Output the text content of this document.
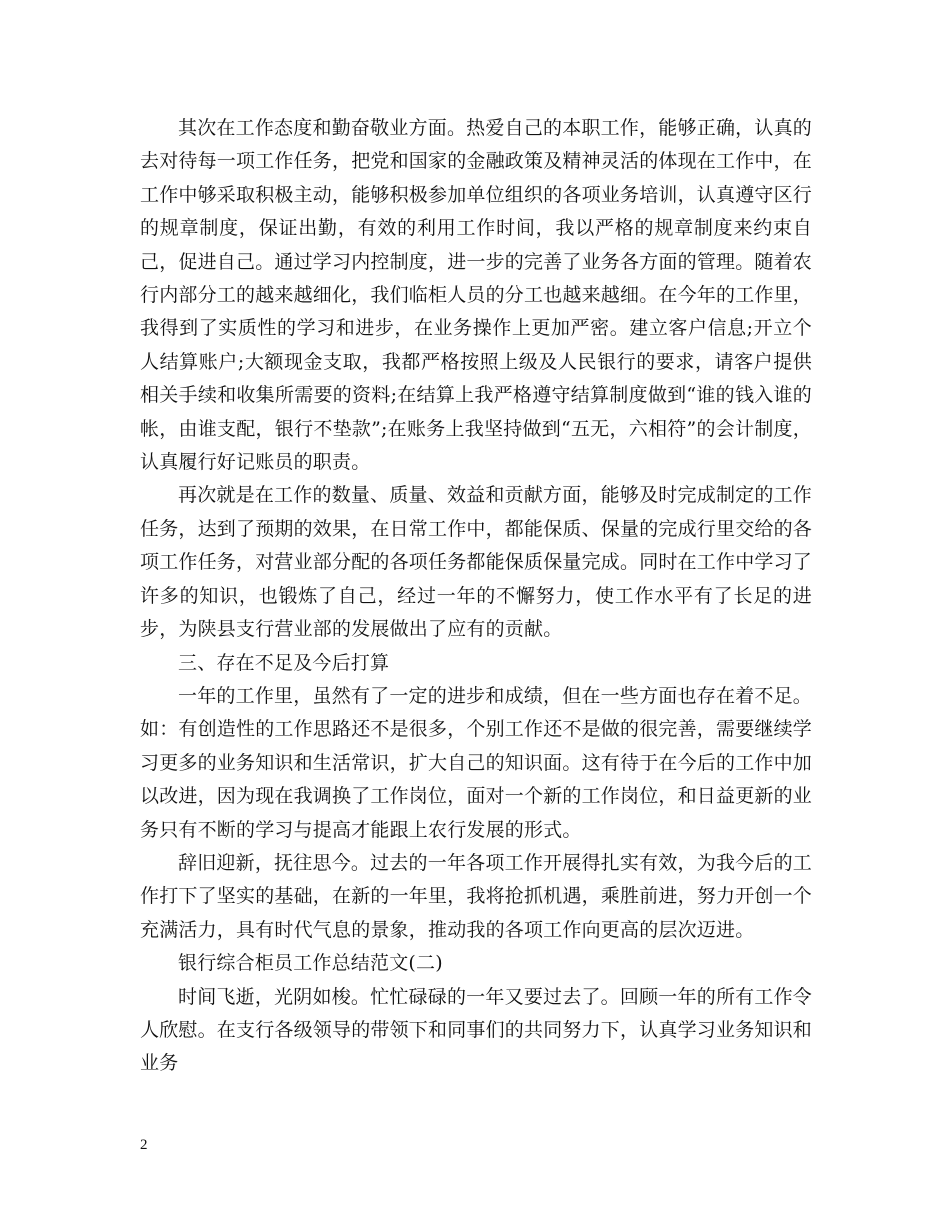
其次在工作态度和勤奋敬业方面。热爱自己的本职工作，能够正确，认真的去对待每一项工作任务，把党和国家的金融政策及精神灵活的体现在工作中，在工作中够采取积极主动，能够积极参加单位组织的各项业务培训，认真遵守区行的规章制度，保证出勤，有效的利用工作时间，我以严格的规章制度来约束自己，促进自己。通过学习内控制度，进一步的完善了业务各方面的管理。随着农行内部分工的越来越细化，我们临柜人员的分工也越来越细。在今年的工作里，我得到了实质性的学习和进步，在业务操作上更加严密。建立客户信息;开立个人结算账户;大额现金支取，我都严格按照上级及人民银行的要求，请客户提供相关手续和收集所需要的资料;在结算上我严格遵守结算制度做到“谁的钱入谁的帐，由谁支配，银行不垫款”;在账务上我坚持做到“五无，六相符”的会计制度，认真履行好记账员的职责。

再次就是在工作的数量、质量、效益和贡献方面，能够及时完成制定的工作任务，达到了预期的效果，在日常工作中，都能保质、保量的完成行里交给的各项工作任务，对营业部分配的各项任务都能保质保量完成。同时在工作中学习了许多的知识，也锻炼了自己，经过一年的不懈努力，使工作水平有了长足的进步，为陕县支行营业部的发展做出了应有的贡献。

三、存在不足及今后打算

一年的工作里，虽然有了一定的进步和成绩，但在一些方面也存在着不足。如：有创造性的工作思路还不是很多，个别工作还不是做的很完善，需要继续学习更多的业务知识和生活常识，扩大自己的知识面。这有待于在今后的工作中加以改进，因为现在我调换了工作岗位，面对一个新的工作岗位，和日益更新的业务只有不断的学习与提高才能跟上农行发展的形式。

辞旧迎新，抚往思今。过去的一年各项工作开展得扎实有效，为我今后的工作打下了坚实的基础，在新的一年里，我将抢抓机遇，乘胜前进，努力开创一个充满活力，具有时代气息的景象，推动我的各项工作向更高的层次迈进。

银行综合柜员工作总结范文(二)

时间飞逝，光阴如梭。忙忙碌碌的一年又要过去了。回顾一年的所有工作令人欣慰。在支行各级领导的带领下和同事们的共同努力下，认真学习业务知识和业务

2
